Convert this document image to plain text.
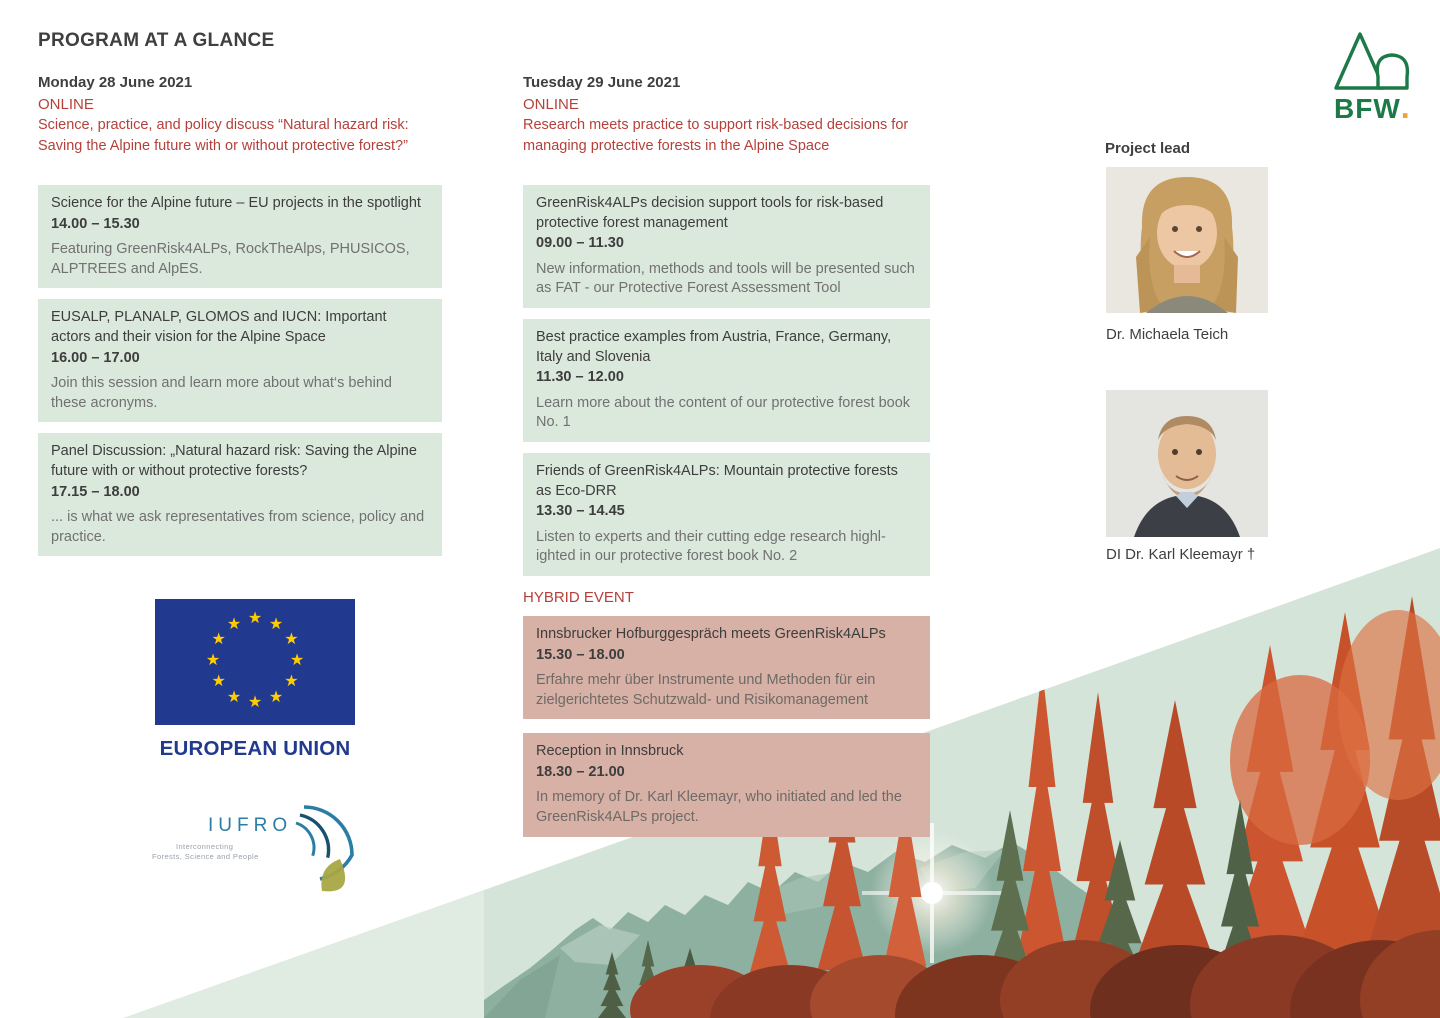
PROGRAM AT A GLANCE
Monday 28 June 2021
ONLINE
Science, practice, and policy discuss “Natural hazard risk: Saving the Alpine future with or without protective forest?”
Science for the Alpine future – EU projects in the spotlight
14.00 – 15.30
Featuring GreenRisk4ALPs, RockTheAlps, PHUSICOS, ALPTREES and AlpES.
EUSALP, PLANALP, GLOMOS and IUCN: Important actors and their vision for the Alpine Space
16.00 – 17.00
Join this session and learn more about what‘s behind these acronyms.
Panel Discussion: „Natural hazard risk: Saving the Alpine future with or without protective forests?
17.15 – 18.00
... is what we ask representatives from science, policy and practice.
★ ★
★
★
★
★
★
★
★
★
★
★
EUROPEAN UNION
IUFRO
Interconnecting
Forests, Science and People
Tuesday 29 June 2021
ONLINE
Research meets practice to support risk-based decisions for managing protective forests in the Alpine Space
GreenRisk4ALPs decision support tools for risk-based protective forest management
09.00 – 11.30
New information, methods and tools will be presented such as FAT - our Protective Forest Assessment Tool
Best practice examples from Austria, France, Germany, Italy and Slovenia
11.30 – 12.00
Learn more about the content of our protective forest book No. 1
Friends of GreenRisk4ALPs: Mountain protective forests as Eco-DRR
13.30 – 14.45
Listen to experts and their cutting edge research highl-ighted in our protective forest book No. 2
HYBRID EVENT
Innsbrucker Hofburggespräch meets GreenRisk4ALPs
15.30 – 18.00
Erfahre mehr über Instrumente und Methoden für ein zielgerichtetes Schutzwald- und Risikomanagement
Reception in Innsbruck
18.30 – 21.00
In memory of Dr. Karl Kleemayr, who initiated and led the GreenRisk4ALPs project.
BFW.
Project lead
Dr. Michaela Teich
DI Dr. Karl Kleemayr †
